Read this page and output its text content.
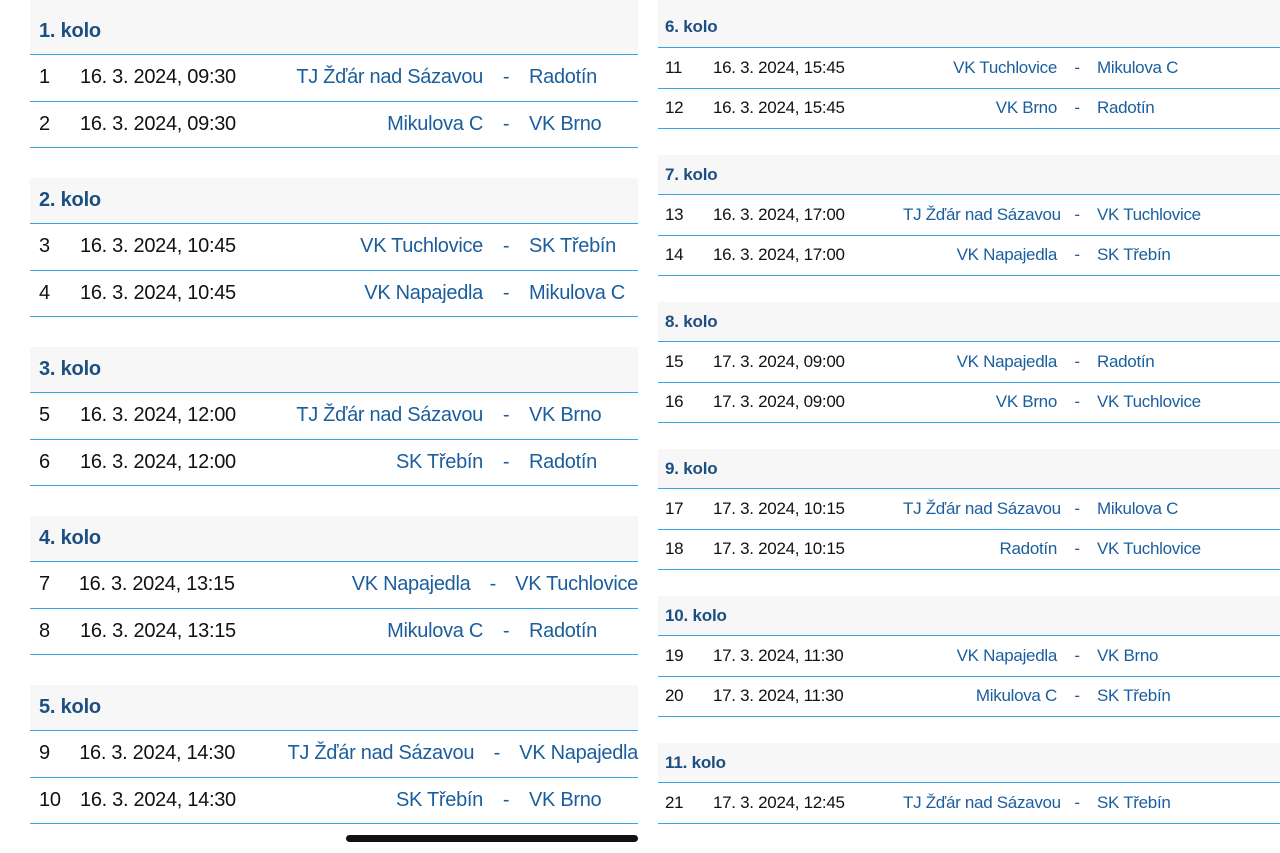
1. kolo
1	16. 3. 2024, 09:30	TJ Žďár nad Sázavou - Radotín
2	16. 3. 2024, 09:30	Mikulova C - VK Brno
2. kolo
3	16. 3. 2024, 10:45	VK Tuchlovice - SK Třebín
4	16. 3. 2024, 10:45	VK Napajedla - Mikulova C
3. kolo
5	16. 3. 2024, 12:00	TJ Žďár nad Sázavou - VK Brno
6	16. 3. 2024, 12:00	SK Třebín - Radotín
4. kolo
7	16. 3. 2024, 13:15	VK Napajedla - VK Tuchlovice
8	16. 3. 2024, 13:15	Mikulova C - Radotín
5. kolo
9	16. 3. 2024, 14:30	TJ Žďár nad Sázavou - VK Napajedla
10 16. 3. 2024, 14:30	SK Třebín - VK Brno
6. kolo
11	16. 3. 2024, 15:45	VK Tuchlovice	-	Mikulova C
12	16. 3. 2024, 15:45	VK Brno	-	Radotín
7. kolo
13	16. 3. 2024, 17:00	TJ Žďár nad Sázavou -	VK Tuchlovice
14	16. 3. 2024, 17:00	VK Napajedla	-	SK Třebín
8. kolo
15	17. 3. 2024, 09:00	VK Napajedla	-	Radotín
16	17. 3. 2024, 09:00	VK Brno	-	VK Tuchlovice
9. kolo
17	17. 3. 2024, 10:15	TJ Žďár nad Sázavou -	Mikulova C
18	17. 3. 2024, 10:15	Radotín	-	VK Tuchlovice
10. kolo
19	17. 3. 2024, 11:30	VK Napajedla	-	VK Brno
20	17. 3. 2024, 11:30	Mikulova C	-	SK Třebín
11. kolo
21	17. 3. 2024, 12:45	TJ Žďár nad Sázavou -	SK Třebín
